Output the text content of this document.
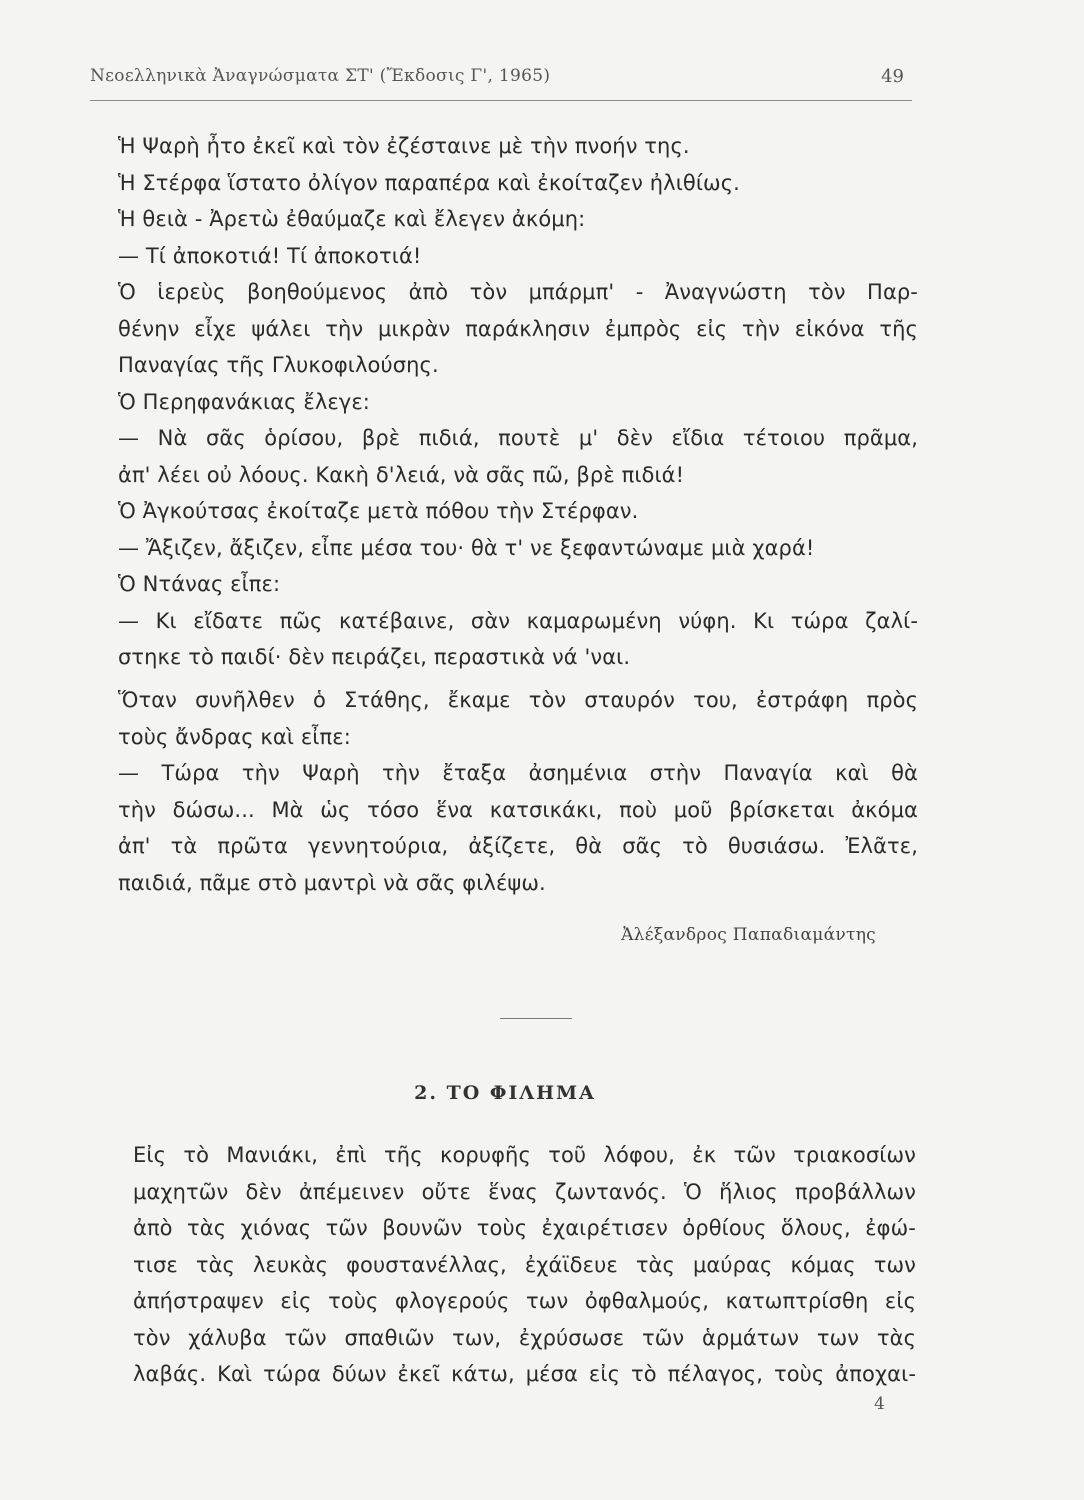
Νεοελληνικὰ Ἀναγνώσματα ΣΤ' (Ἔκδοσις Γ', 1965)	49
Ἡ Ψαρὴ ἦτο ἐκεῖ καὶ τὸν ἐζέσταινε μὲ τὴν πνοήν της.
Ἡ Στέρφα ἵστατο ὀλίγον παραπέρα καὶ ἐκοίταζεν ἠλιθίως.
Ἡ θειὰ - Ἀρετὼ ἐθαύμαζε καὶ ἔλεγεν ἀκόμη:
— Τί ἀποκοτιά! Τί ἀποκοτιά!
Ὁ ἱερεὺς βοηθούμενος ἀπὸ τὸν μπάρμπ' - Ἀναγνώστη τὸν Παρ-
θένην εἶχε ψάλει τὴν μικρὰν παράκλησιν ἐμπρὸς εἰς τὴν εἰκόνα τῆς
Παναγίας τῆς Γλυκοφιλούσης.
Ὁ Περηφανάκιας ἔλεγε:
— Νὰ σᾶς ὁρίσου, βρὲ πιδιά, πουτὲ μ' δὲν εἴδια τέτοιου πρᾶμα,
ἀπ' λέει οὐ λόους. Κακὴ δ'λειά, νὰ σᾶς πῶ, βρὲ πιδιά!
Ὁ Ἀγκούτσας ἐκοίταζε μετὰ πόθου τὴν Στέρφαν.
— Ἄξιζεν, ἄξιζεν, εἶπε μέσα του· θὰ τ' νε ξεφαντώναμε μιὰ χαρά!
Ὁ Ντάνας εἶπε:
— Κι εἴδατε πῶς κατέβαινε, σὰν καμαρωμένη νύφη. Κι τώρα ζαλί-
στηκε τὸ παιδί· δὲν πειράζει, περαστικὰ νά 'ναι.
Ὅταν συνῆλθεν ὁ Στάθης, ἔκαμε τὸν σταυρόν του, ἐστράφη πρὸς
τοὺς ἄνδρας καὶ εἶπε:
— Τώρα τὴν Ψαρὴ τὴν ἔταξα ἀσημένια στὴν Παναγία καὶ θὰ
τὴν δώσω... Μὰ ὡς τόσο ἕνα κατσικάκι, ποὺ μοῦ βρίσκεται ἀκόμα
ἀπ' τὰ πρῶτα γεννητούρια, ἀξίζετε, θὰ σᾶς τὸ θυσιάσω. Ἐλᾶτε,
παιδιά, πᾶμε στὸ μαντρὶ νὰ σᾶς φιλέψω.
Ἀλέξανδρος Παπαδιαμάντης
2. ΤΟ ΦΙΛΗΜΑ
Εἰς τὸ Μανιάκι, ἐπὶ τῆς κορυφῆς τοῦ λόφου, ἐκ τῶν τριακοσίων
μαχητῶν δὲν ἀπέμεινεν οὔτε ἕνας ζωντανός. Ὁ ἥλιος προβάλλων
ἀπὸ τὰς χιόνας τῶν βουνῶν τοὺς ἐχαιρέτισεν ὀρθίους ὅλους, ἐφώ-
τισε τὰς λευκὰς φουστανέλλας, ἐχάϊδευε τὰς μαύρας κόμας των
ἀπήστραψεν εἰς τοὺς φλογερούς των ὀφθαλμούς, κατωπτρίσθη εἰς
τὸν χάλυβα τῶν σπαθιῶν των, ἐχρύσωσε τῶν ἁρμάτων των τὰς
λαβάς. Καὶ τώρα δύων ἐκεῖ κάτω, μέσα εἰς τὸ πέλαγος, τοὺς ἀποχαι-
4
